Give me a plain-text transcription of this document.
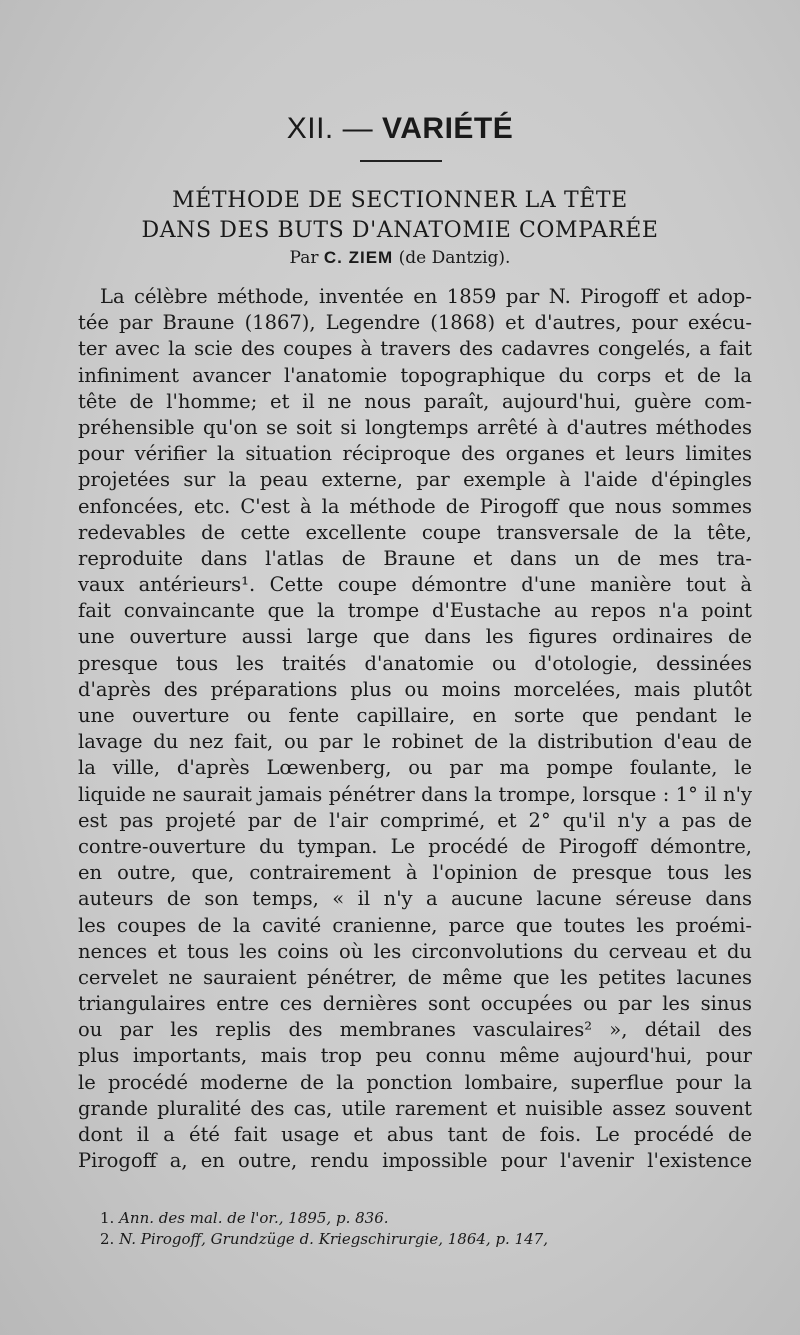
XII. — VARIÉTÉ
MÉTHODE DE SECTIONNER LA TÊTE
DANS DES BUTS D'ANATOMIE COMPARÉE
Par C. ZIEM (de Dantzig).
La célèbre méthode, inventée en 1859 par N. Pirogoff et adop-
tée par Braune (1867), Legendre (1868) et d'autres, pour exécu-
ter avec la scie des coupes à travers des cadavres congelés, a fait
infiniment avancer l'anatomie topographique du corps et de la
tête de l'homme; et il ne nous paraît, aujourd'hui, guère com-
préhensible qu'on se soit si longtemps arrêté à d'autres méthodes
pour vérifier la situation réciproque des organes et leurs limites
projetées sur la peau externe, par exemple à l'aide d'épingles
enfoncées, etc. C'est à la méthode de Pirogoff que nous sommes
redevables de cette excellente coupe transversale de la tête,
reproduite dans l'atlas de Braune et dans un de mes tra-
vaux antérieurs¹. Cette coupe démontre d'une manière tout à
fait convaincante que la trompe d'Eustache au repos n'a point
une ouverture aussi large que dans les figures ordinaires de
presque tous les traités d'anatomie ou d'otologie, dessinées
d'après des préparations plus ou moins morcelées, mais plutôt
une ouverture ou fente capillaire, en sorte que pendant le
lavage du nez fait, ou par le robinet de la distribution d'eau de
la ville, d'après Lœwenberg, ou par ma pompe foulante, le
liquide ne saurait jamais pénétrer dans la trompe, lorsque : 1° il n'y
est pas projeté par de l'air comprimé, et 2° qu'il n'y a pas de
contre-ouverture du tympan. Le procédé de Pirogoff démontre,
en outre, que, contrairement à l'opinion de presque tous les
auteurs de son temps, « il n'y a aucune lacune séreuse dans
les coupes de la cavité cranienne, parce que toutes les proémi-
nences et tous les coins où les circonvolutions du cerveau et du
cervelet ne sauraient pénétrer, de même que les petites lacunes
triangulaires entre ces dernières sont occupées ou par les sinus
ou par les replis des membranes vasculaires² », détail des
plus importants, mais trop peu connu même aujourd'hui, pour
le procédé moderne de la ponction lombaire, superflue pour la
grande pluralité des cas, utile rarement et nuisible assez souvent
dont il a été fait usage et abus tant de fois. Le procédé de
Pirogoff a, en outre, rendu impossible pour l'avenir l'existence
1. Ann. des mal. de l'or., 1895, p. 836.
2. N. Pirogoff, Grundzüge d. Kriegschirurgie, 1864, p. 147,
